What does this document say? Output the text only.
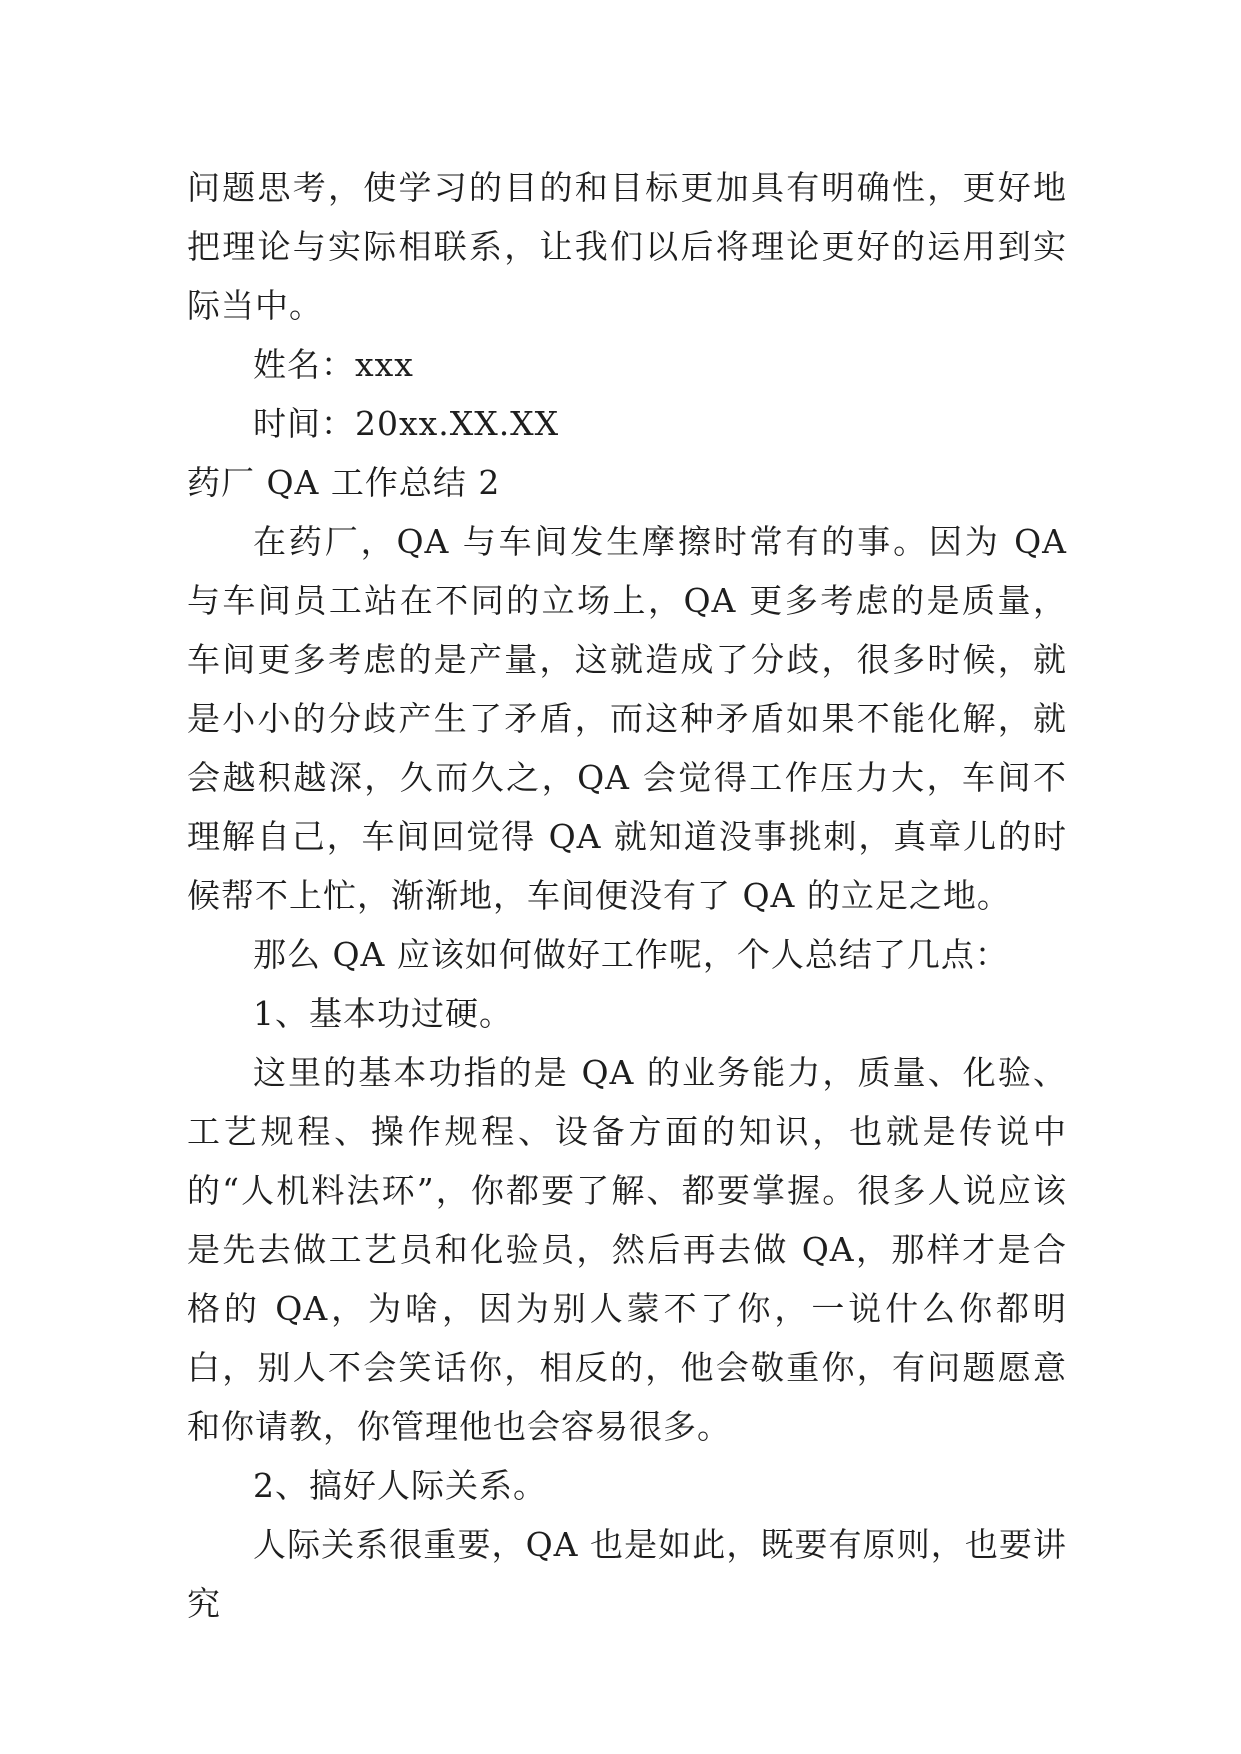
问题思考，使学习的目的和目标更加具有明确性，更好地把理论与实际相联系，让我们以后将理论更好的运用到实际当中。

姓名：xxx

时间：20xx.XX.XX

药厂 QA 工作总结 2

在药厂，QA 与车间发生摩擦时常有的事。因为 QA 与车间员工站在不同的立场上，QA 更多考虑的是质量，车间更多考虑的是产量，这就造成了分歧，很多时候，就是小小的分歧产生了矛盾，而这种矛盾如果不能化解，就会越积越深，久而久之，QA 会觉得工作压力大，车间不理解自己，车间回觉得 QA 就知道没事挑刺，真章儿的时候帮不上忙，渐渐地，车间便没有了 QA 的立足之地。

那么 QA 应该如何做好工作呢，个人总结了几点：

1、基本功过硬。

这里的基本功指的是 QA 的业务能力，质量、化验、工艺规程、操作规程、设备方面的知识，也就是传说中的“人机料法环”，你都要了解、都要掌握。很多人说应该是先去做工艺员和化验员，然后再去做 QA，那样才是合格的 QA，为啥，因为别人蒙不了你，一说什么你都明白，别人不会笑话你，相反的，他会敬重你，有问题愿意和你请教，你管理他也会容易很多。

2、搞好人际关系。

人际关系很重要，QA 也是如此，既要有原则，也要讲究
